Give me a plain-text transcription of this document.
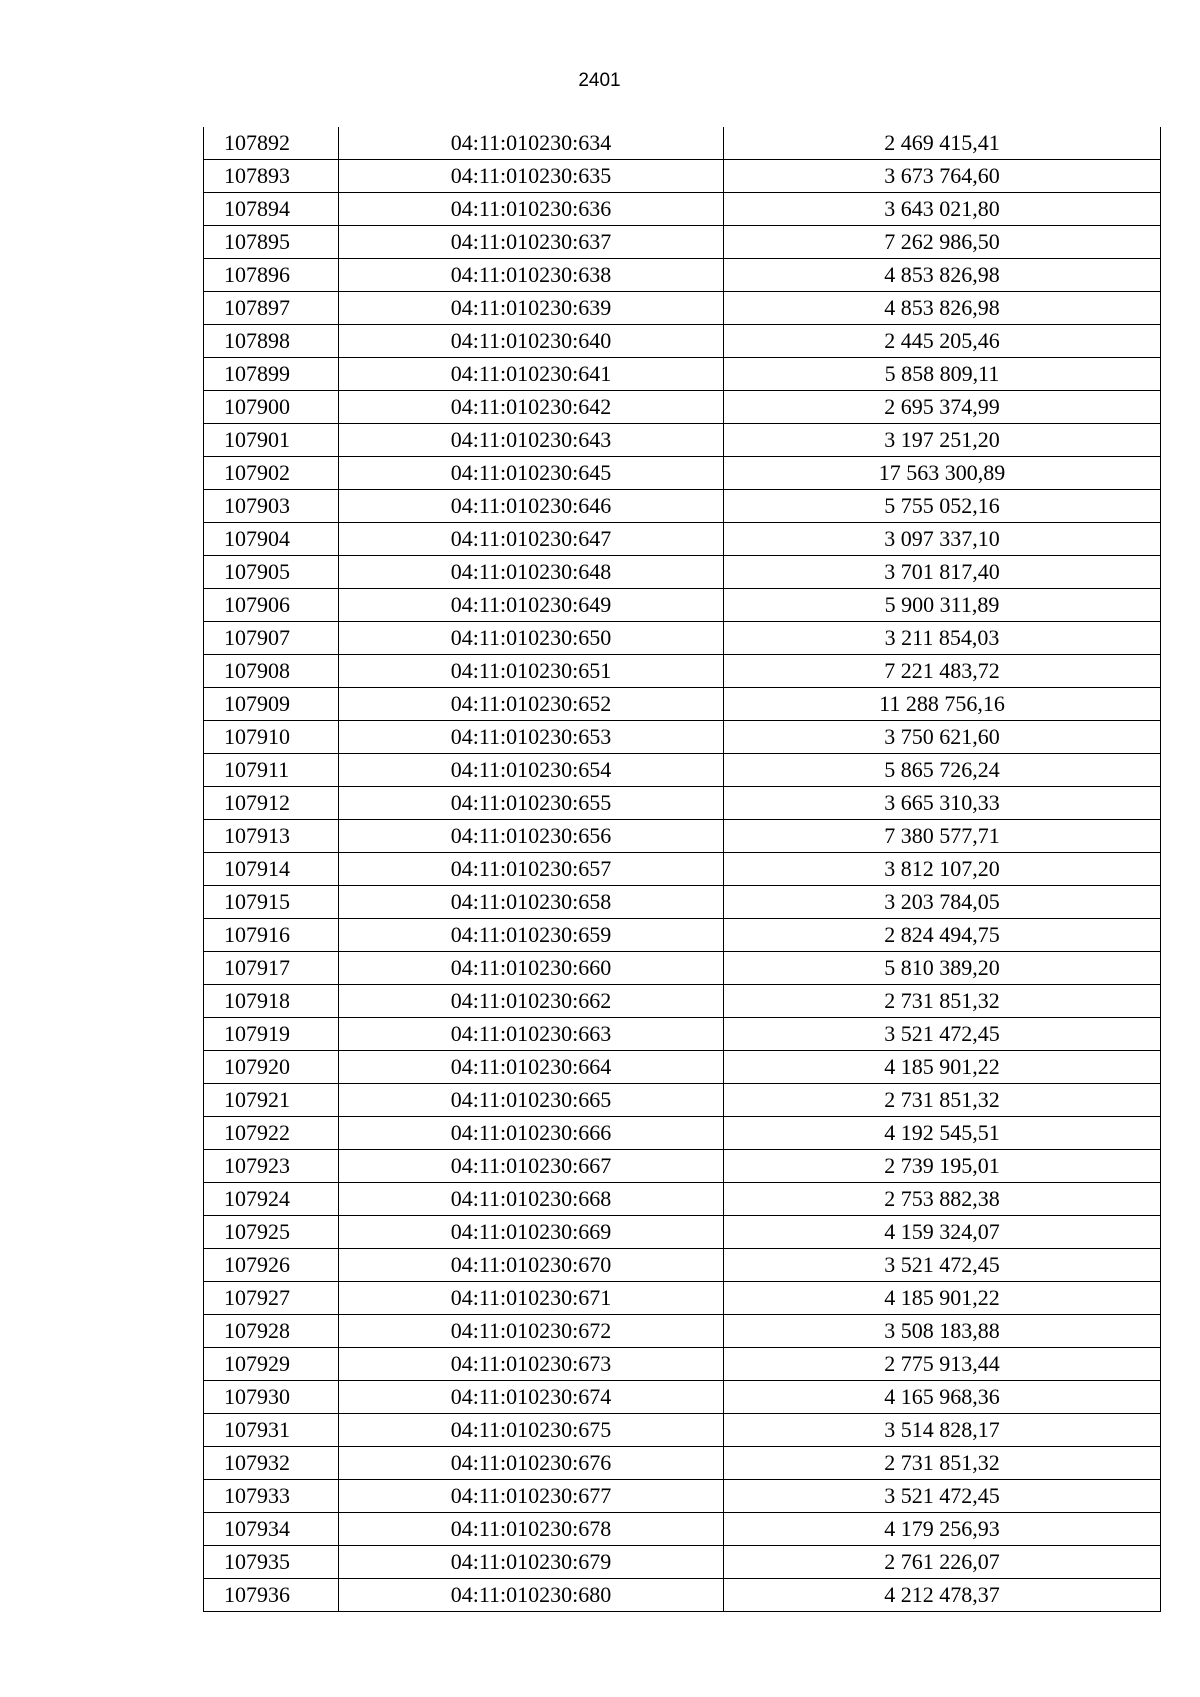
2401
107892	04:11:010230:634	2 469 415,41
107893	04:11:010230:635	3 673 764,60
107894	04:11:010230:636	3 643 021,80
107895	04:11:010230:637	7 262 986,50
107896	04:11:010230:638	4 853 826,98
107897	04:11:010230:639	4 853 826,98
107898	04:11:010230:640	2 445 205,46
107899	04:11:010230:641	5 858 809,11
107900	04:11:010230:642	2 695 374,99
107901	04:11:010230:643	3 197 251,20
107902	04:11:010230:645	17 563 300,89
107903	04:11:010230:646	5 755 052,16
107904	04:11:010230:647	3 097 337,10
107905	04:11:010230:648	3 701 817,40
107906	04:11:010230:649	5 900 311,89
107907	04:11:010230:650	3 211 854,03
107908	04:11:010230:651	7 221 483,72
107909	04:11:010230:652	11 288 756,16
107910	04:11:010230:653	3 750 621,60
107911	04:11:010230:654	5 865 726,24
107912	04:11:010230:655	3 665 310,33
107913	04:11:010230:656	7 380 577,71
107914	04:11:010230:657	3 812 107,20
107915	04:11:010230:658	3 203 784,05
107916	04:11:010230:659	2 824 494,75
107917	04:11:010230:660	5 810 389,20
107918	04:11:010230:662	2 731 851,32
107919	04:11:010230:663	3 521 472,45
107920	04:11:010230:664	4 185 901,22
107921	04:11:010230:665	2 731 851,32
107922	04:11:010230:666	4 192 545,51
107923	04:11:010230:667	2 739 195,01
107924	04:11:010230:668	2 753 882,38
107925	04:11:010230:669	4 159 324,07
107926	04:11:010230:670	3 521 472,45
107927	04:11:010230:671	4 185 901,22
107928	04:11:010230:672	3 508 183,88
107929	04:11:010230:673	2 775 913,44
107930	04:11:010230:674	4 165 968,36
107931	04:11:010230:675	3 514 828,17
107932	04:11:010230:676	2 731 851,32
107933	04:11:010230:677	3 521 472,45
107934	04:11:010230:678	4 179 256,93
107935	04:11:010230:679	2 761 226,07
107936	04:11:010230:680	4 212 478,37
